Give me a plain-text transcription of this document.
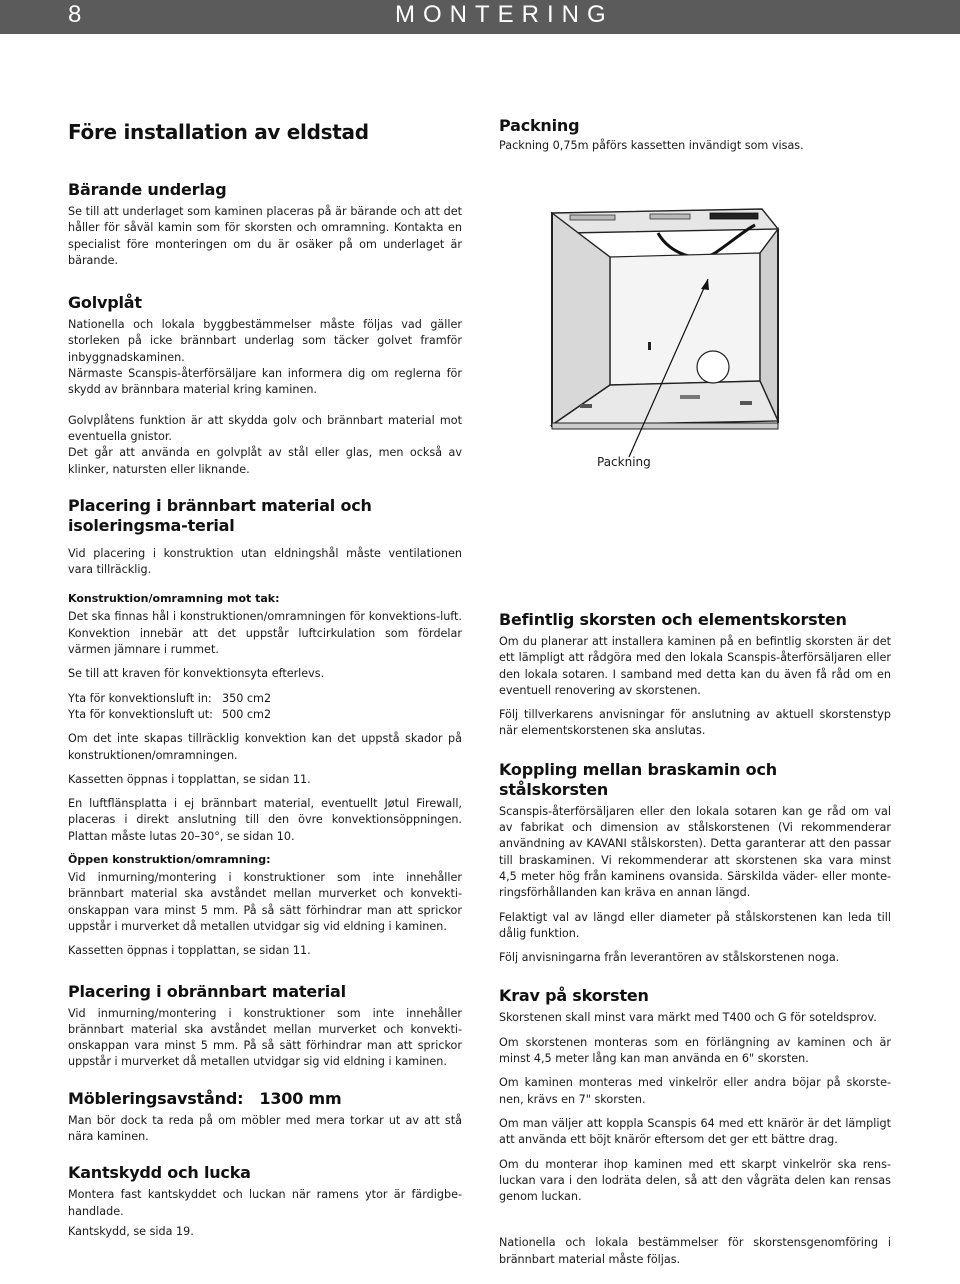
8	MONTERING
Före installation av eldstad
Bärande underlag

Se till att underlaget som kaminen placeras på är bärande och att det håller för såväl kamin som för skorsten och omramning. Kontakta en specialist före monteringen om du är osäker på om underlaget är bärande.

Golvplåt

Nationella och lokala byggbestämmelser måste följas vad gäller storleken på icke brännbart underlag som täcker golvet framför inbyggnadskaminen.

Närmaste Scanspis-återförsäljare kan informera dig om reglerna för skydd av brännbara material kring kaminen.

Golvplåtens funktion är att skydda golv och brännbart material mot eventuella gnistor.

Det går att använda en golvplåt av stål eller glas, men också av klinker, natursten eller liknande.

Placering i brännbart material och isoleringsma-terial

Vid placering i konstruktion utan eldningshål måste ventilationen vara tillräcklig.

Konstruktion/omramning mot tak:

Det ska finnas hål i konstruktionen/omramningen för konvektions-luft. Konvektion innebär att det uppstår luftcirkulation som fördelar värmen jämnare i rummet.

Se till att kraven för konvektionsyta efterlevs.

Yta för konvektionsluft in: 350 cm2

Yta för konvektionsluft ut: 500 cm2

Om det inte skapas tillräcklig konvektion kan det uppstå skador på konstruktionen/omramningen.

Kassetten öppnas i topplattan, se sidan 11.

En luftflänsplatta i ej brännbart material, eventuellt Jøtul Firewall, placeras i direkt anslutning till den övre konvektionsöppningen. Plattan måste lutas 20–30°, se sidan 10.

Öppen konstruktion/omramning:

Vid inmurning/montering i konstruktioner som inte innehåller brännbart material ska avståndet mellan murverket och konvekti-onskappan vara minst 5 mm. På så sätt förhindrar man att sprickor uppstår i murverket då metallen utvidgar sig vid eldning i kaminen.

Kassetten öppnas i topplattan, se sidan 11.

Placering i obrännbart material

Vid inmurning/montering i konstruktioner som inte innehåller brännbart material ska avståndet mellan murverket och konvekti-onskappan vara minst 5 mm. På så sätt förhindrar man att sprickor uppstår i murverket då metallen utvidgar sig vid eldning i kaminen.

Möbleringsavstånd:   1300 mm

Man bör dock ta reda på om möbler med mera torkar ut av att stå nära kaminen.

Kantskydd och lucka

Montera fast kantskyddet och luckan när ramens ytor är färdigbe-handlade.

Kantskydd, se sida 19.

Packning

Packning 0,75m påförs kassetten invändigt som visas.

Packning
Befintlig skorsten och elementskorsten

Om du planerar att installera kaminen på en befintlig skorsten är det ett lämpligt att rådgöra med den lokala Scanspis-återförsäljaren eller den lokala sotaren. I samband med detta kan du även få råd om en eventuell renovering av skorstenen.

Följ tillverkarens anvisningar för anslutning av aktuell skorstenstyp när elementskorstenen ska anslutas.

Koppling mellan braskamin och stålskorsten

Scanspis-återförsäljaren eller den lokala sotaren kan ge råd om val av fabrikat och dimension av stålskorstenen (Vi rekommenderar användning av KAVANI stålskorsten). Detta garanterar att den passar till braskaminen. Vi rekommenderar att skorstenen ska vara minst 4,5 meter hög från kaminens ovansida. Särskilda väder- eller monte-ringsförhållanden kan kräva en annan längd.

Felaktigt val av längd eller diameter på stålskorstenen kan leda till dålig funktion.

Följ anvisningarna från leverantören av stålskorstenen noga.

Krav på skorsten

Skorstenen skall minst vara märkt med T400 och G för soteldsprov.

Om skorstenen monteras som en förlängning av kaminen och är minst 4,5 meter lång kan man använda en 6" skorsten.

Om kaminen monteras med vinkelrör eller andra böjar på skorste-nen, krävs en 7" skorsten.

Om man väljer att koppla Scanspis 64 med ett knärör är det lämpligt att använda ett böjt knärör eftersom det ger ett bättre drag.

Om du monterar ihop kaminen med ett skarpt vinkelrör ska rens-luckan vara i den lodräta delen, så att den vågräta delen kan rensas genom luckan.

Nationella och lokala bestämmelser för skorstensgenomföring i brännbart material måste följas.
